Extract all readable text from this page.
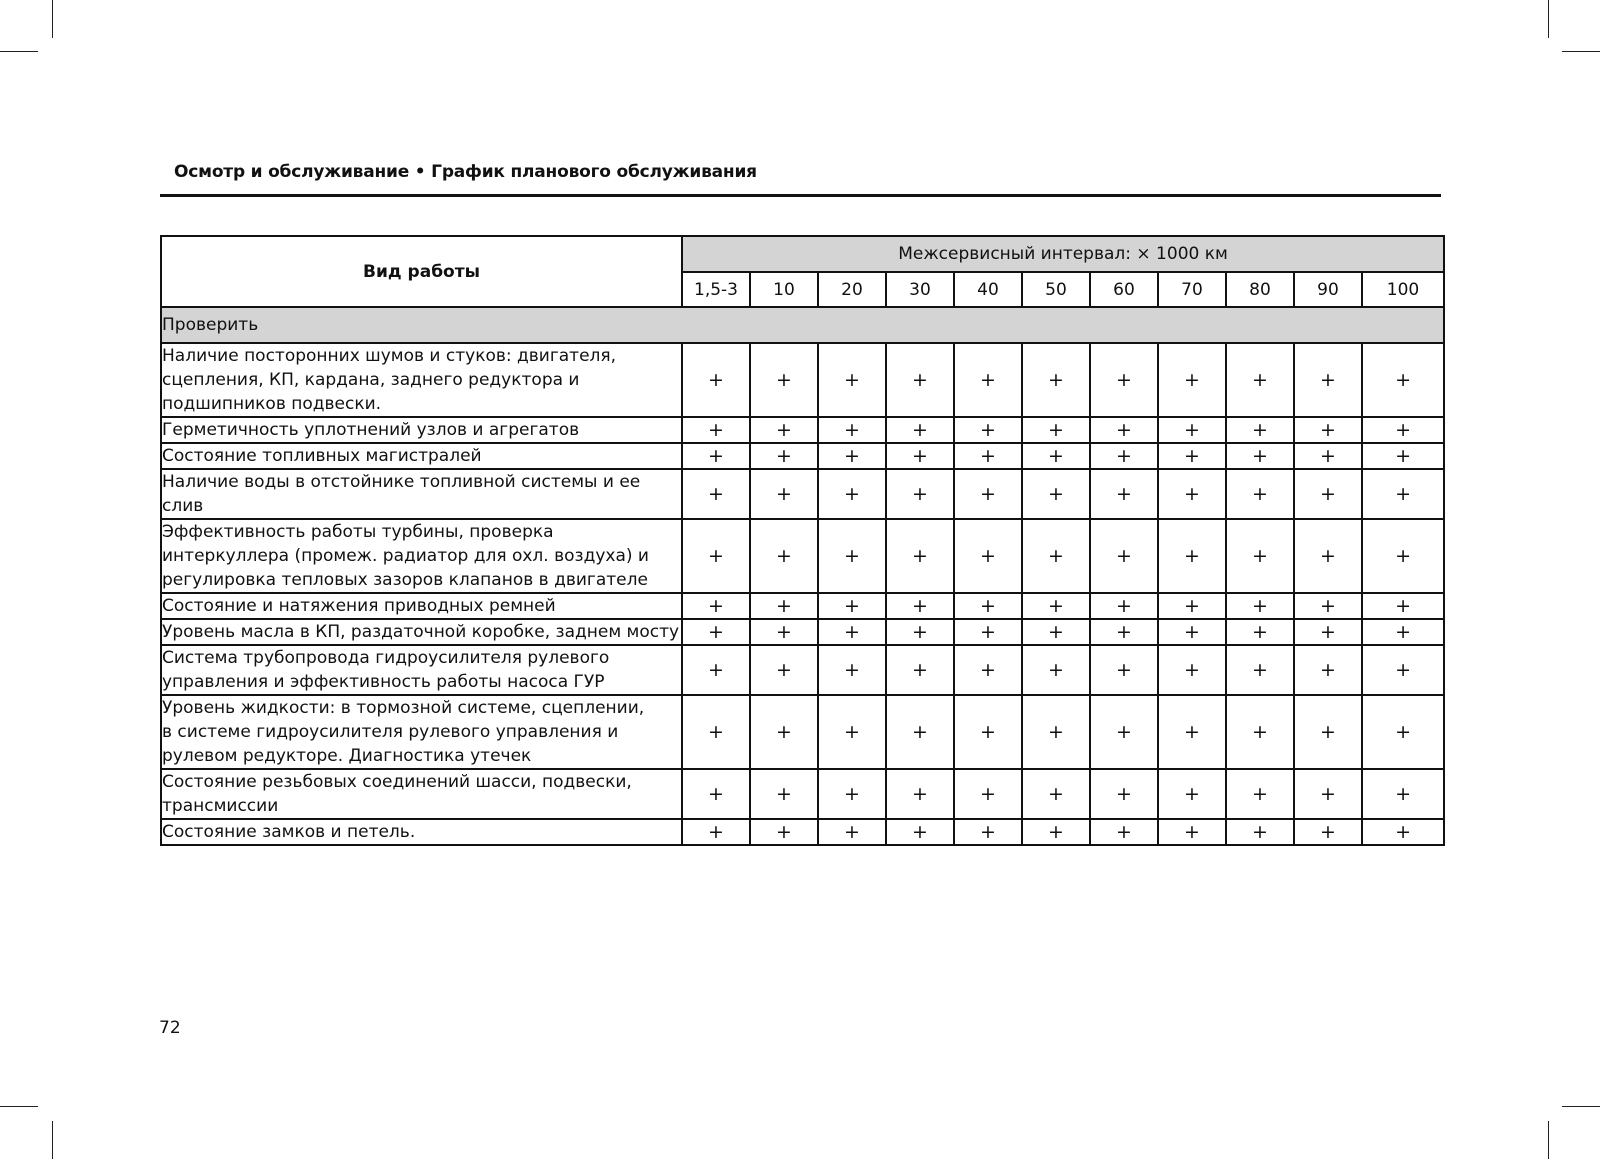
Осмотр и обслуживание • График планового обслуживания
Вид работы	Межсервисный интервал: × 1000 км										
	1,5-3	10	20	30	40	50	60	70	80	90	100
Проверить											

Наличие посторонних шумов и стуков: двигателя,
сцепления, КП, кардана, заднего редуктора и
подшипников подвески.	+	+	+	+	+	+	+	+	+	+	+

Герметичность уплотнений узлов и агрегатов	+	+	+	+	+	+	+	+	+	+	+

Состояние топливных магистралей	+	+	+	+	+	+	+	+	+	+	+

Наличие воды в отстойнике топливной системы и ее
слив	+	+	+	+	+	+	+	+	+	+	+

Эффективность работы турбины, проверка
интеркуллера (промеж. радиатор для охл. воздуха) и
регулировка тепловых зазоров клапанов в двигателе	+	+	+	+	+	+	+	+	+	+	+

Состояние и натяжения приводных ремней	+	+	+	+	+	+	+	+	+	+	+

Уровень масла в КП, раздаточной коробке, заднем мосту	+	+	+	+	+	+	+	+	+	+	+

Система трубопровода гидроусилителя рулевого
управления и эффективность работы насоса ГУР	+	+	+	+	+	+	+	+	+	+	+

Уровень жидкости: в тормозной системе, сцеплении,
в системе гидроусилителя рулевого управления и
рулевом редукторе. Диагностика утечек	+	+	+	+	+	+	+	+	+	+	+

Состояние резьбовых соединений шасси, подвески,
трансмиссии	+	+	+	+	+	+	+	+	+	+	+

Состояние замков и петель.	+	+	+	+	+	+	+	+	+	+	+
72
